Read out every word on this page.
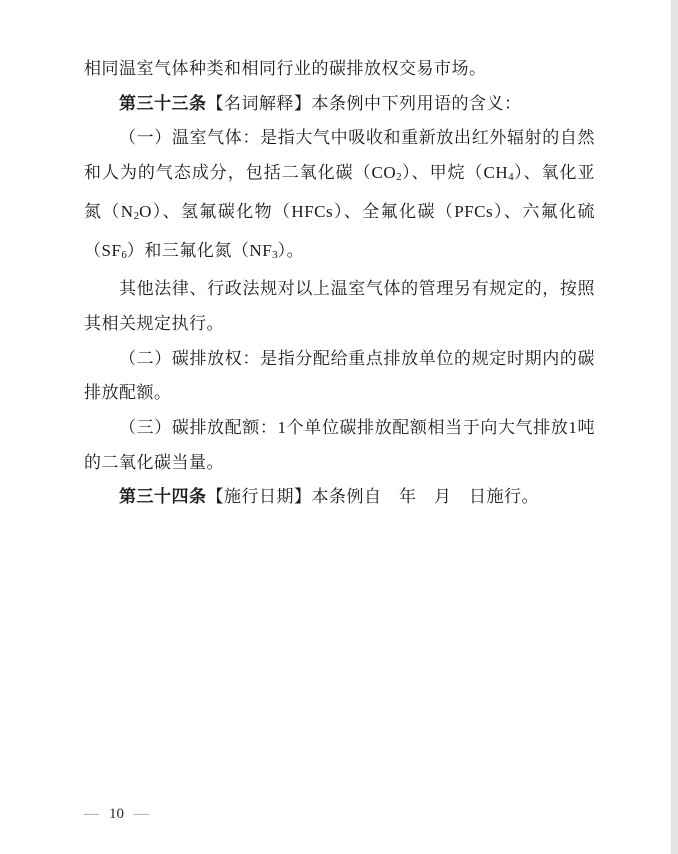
相同温室气体种类和相同行业的碳排放权交易市场。

第三十三条【名词解释】本条例中下列用语的含义：

（一）温室气体：是指大气中吸收和重新放出红外辐射的自然和人为的气态成分，包括二氧化碳（CO2）、甲烷（CH4）、氧化亚氮（N2O）、氢氟碳化物（HFCs）、全氟化碳（PFCs）、六氟化硫（SF6）和三氟化氮（NF3）。

其他法律、行政法规对以上温室气体的管理另有规定的，按照其相关规定执行。

（二）碳排放权：是指分配给重点排放单位的规定时期内的碳排放配额。

（三）碳排放配额：1个单位碳排放配额相当于向大气排放1吨的二氧化碳当量。

第三十四条【施行日期】本条例自　年　月　日施行。

— 10 —
